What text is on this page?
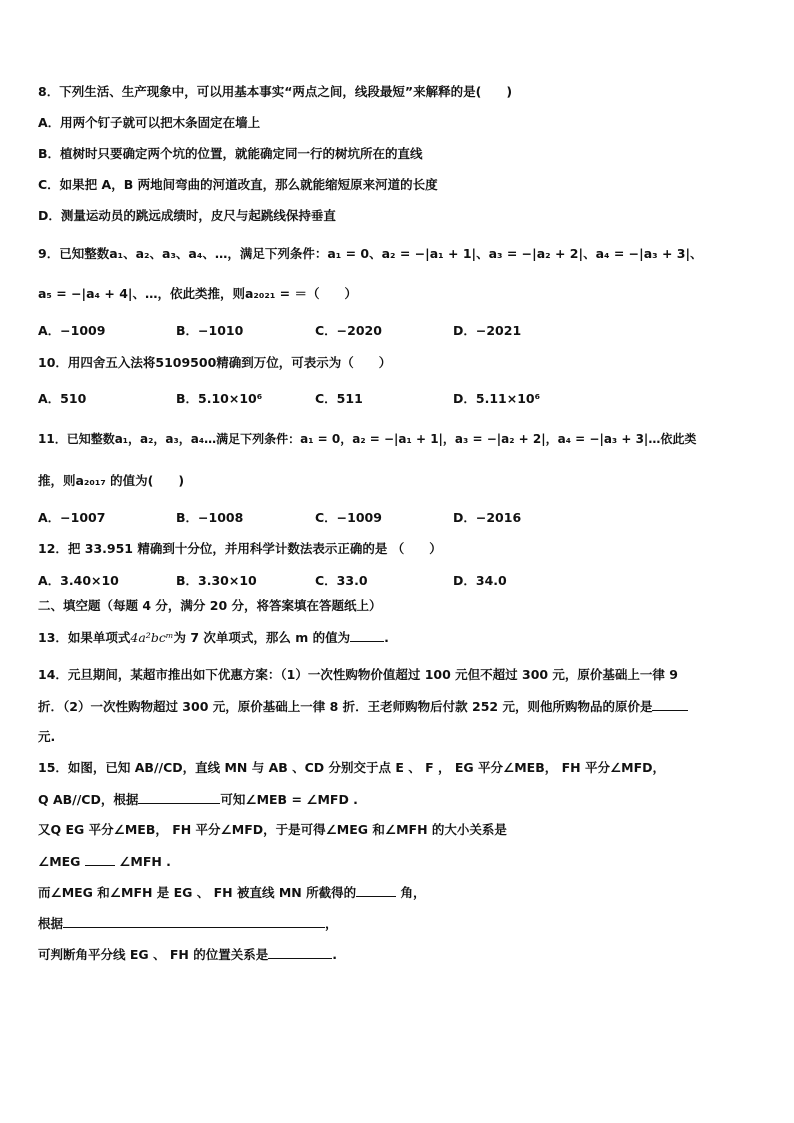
8．下列生活、生产现象中，可以用基本事实“两点之间，线段最短”来解释的是(　　)
A．用两个钉子就可以把木条固定在墙上
B．植树时只要确定两个坑的位置，就能确定同一行的树坑所在的直线
C．如果把 A，B 两地间弯曲的河道改直，那么就能缩短原来河道的长度
D．测量运动员的跳远成绩时，皮尺与起跳线保持垂直
9．已知整数a₁、a₂、a₃、a₄、…，满足下列条件：a₁ = 0、a₂ = −|a₁ + 1|、a₃ = −|a₂ + 2|、a₄ = −|a₃ + 3|、
a₅ = −|a₄ + 4|、…，依此类推，则a₂₀₂₁ = ＝（　　）
A．−1009	B．−1010	C．−2020	D．−2021
10．用四舍五入法将5109500精确到万位，可表示为（　　）
A．510	B．5.10×10⁶	C．511	D．5.11×10⁶
11．已知整数a₁，a₂，a₃，a₄…满足下列条件：a₁ = 0，a₂ = −|a₁ + 1|，a₃ = −|a₂ + 2|，a₄ = −|a₃ + 3|…依此类
推，则a₂₀₁₇ 的值为(　　)
A．−1007	B．−1008	C．−1009	D．−2016
12．把 33.951 精确到十分位，并用科学计数法表示正确的是 （　　）
A．3.40×10	B．3.30×10	C．33.0	D．34.0
二、填空题（每题 4 分，满分 20 分，将答案填在答题纸上）
13．如果单项式4a²bcᵐ为 7 次单项式，那么 m 的值为	.
14．元旦期间，某超市推出如下优惠方案：（1）一次性购物价值超过 100 元但不超过 300 元，原价基础上一律 9
折．（2）一次性购物超过 300 元，原价基础上一律 8 折．王老师购物后付款 252 元，则他所购物品的原价是
元.
15．如图，已知 AB//CD，直线 MN 与 AB 、CD 分别交于点 E 、 F ， EG 平分∠MEB， FH 平分∠MFD，
Q AB//CD，根据	可知∠MEB = ∠MFD .
又Q EG 平分∠MEB， FH 平分∠MFD，于是可得∠MEG 和∠MFH 的大小关系是
∠MEG	∠MFH .
而∠MEG 和∠MFH 是 EG 、 FH 被直线 MN 所截得的	角，
根据	，
可判断角平分线 EG 、 FH 的位置关系是	.
